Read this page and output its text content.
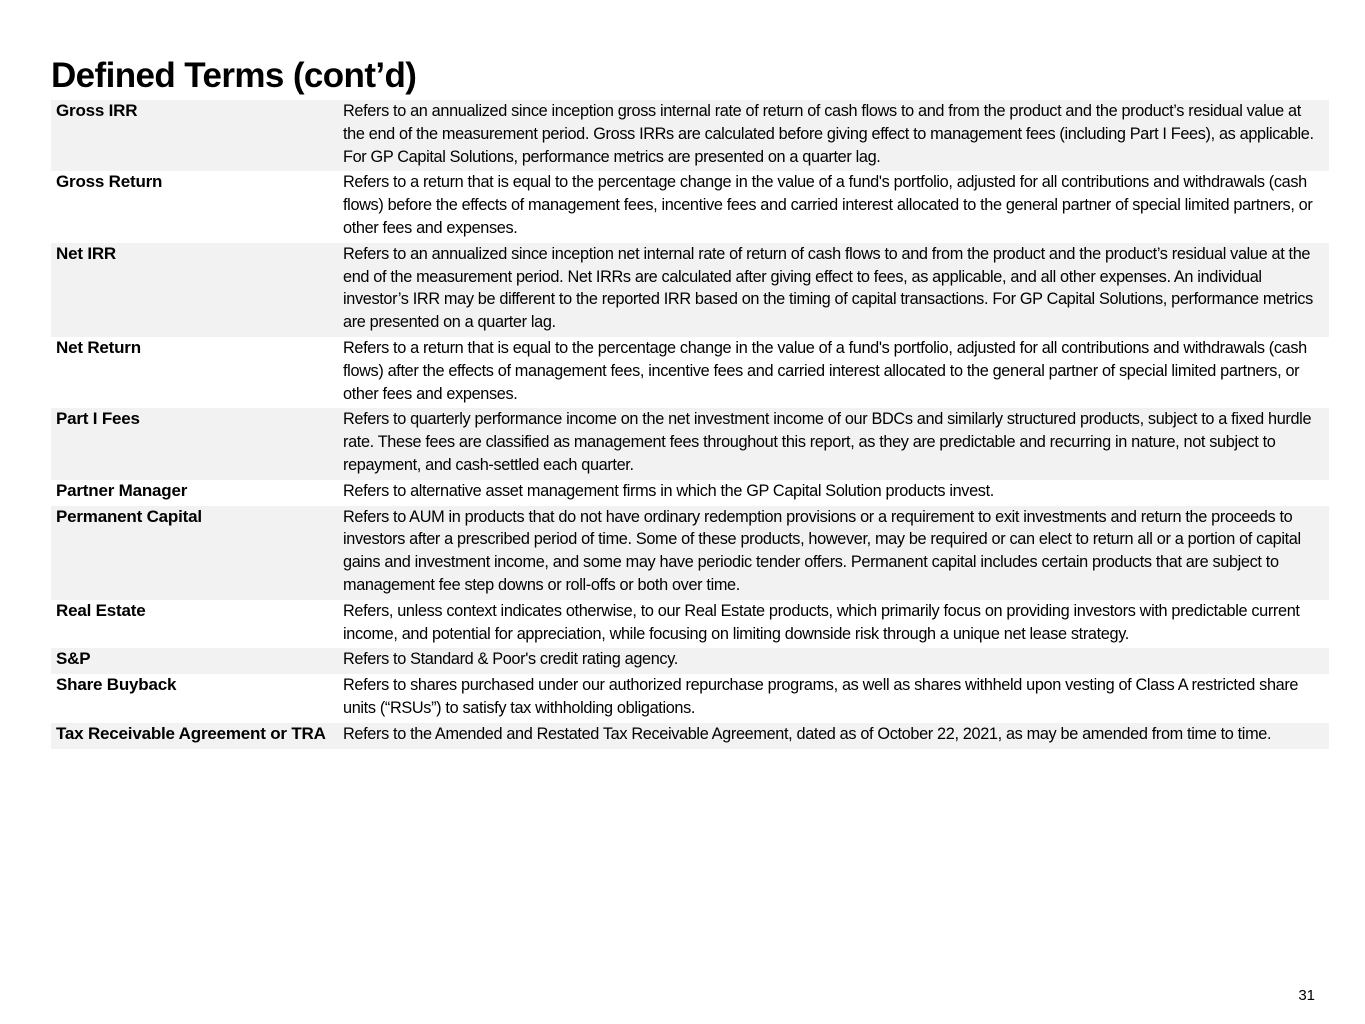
Defined Terms (cont’d)
Gross IRR	Refers to an annualized since inception gross internal rate of return of cash flows to and from the product and the product’s residual value at the end of the measurement period. Gross IRRs are calculated before giving effect to management fees (including Part I Fees), as applicable. For GP Capital Solutions, performance metrics are presented on a quarter lag.
Gross Return	Refers to a return that is equal to the percentage change in the value of a fund's portfolio, adjusted for all contributions and withdrawals (cash flows) before the effects of management fees, incentive fees and carried interest allocated to the general partner of special limited partners, or other fees and expenses.
Net IRR	Refers to an annualized since inception net internal rate of return of cash flows to and from the product and the product’s residual value at the end of the measurement period. Net IRRs are calculated after giving effect to fees, as applicable, and all other expenses. An individual investor’s IRR may be different to the reported IRR based on the timing of capital transactions. For GP Capital Solutions, performance metrics are presented on a quarter lag.
Net Return	Refers to a return that is equal to the percentage change in the value of a fund's portfolio, adjusted for all contributions and withdrawals (cash flows) after the effects of management fees, incentive fees and carried interest allocated to the general partner of special limited partners, or other fees and expenses.
Part I Fees	Refers to quarterly performance income on the net investment income of our BDCs and similarly structured products, subject to a fixed hurdle rate. These fees are classified as management fees throughout this report, as they are predictable and recurring in nature, not subject to repayment, and cash-settled each quarter.
Partner Manager	Refers to alternative asset management firms in which the GP Capital Solution products invest.
Permanent Capital	Refers to AUM in products that do not have ordinary redemption provisions or a requirement to exit investments and return the proceeds to investors after a prescribed period of time. Some of these products, however, may be required or can elect to return all or a portion of capital gains and investment income, and some may have periodic tender offers. Permanent capital includes certain products that are subject to management fee step downs or roll-offs or both over time.
Real Estate	Refers, unless context indicates otherwise, to our Real Estate products, which primarily focus on providing investors with predictable current income, and potential for appreciation, while focusing on limiting downside risk through a unique net lease strategy.
S&P	Refers to Standard & Poor's credit rating agency.
Share Buyback	Refers to shares purchased under our authorized repurchase programs, as well as shares withheld upon vesting of Class A restricted share units (“RSUs”) to satisfy tax withholding obligations.
Tax Receivable Agreement or TRA	Refers to the Amended and Restated Tax Receivable Agreement, dated as of October 22, 2021, as may be amended from time to time.
31
